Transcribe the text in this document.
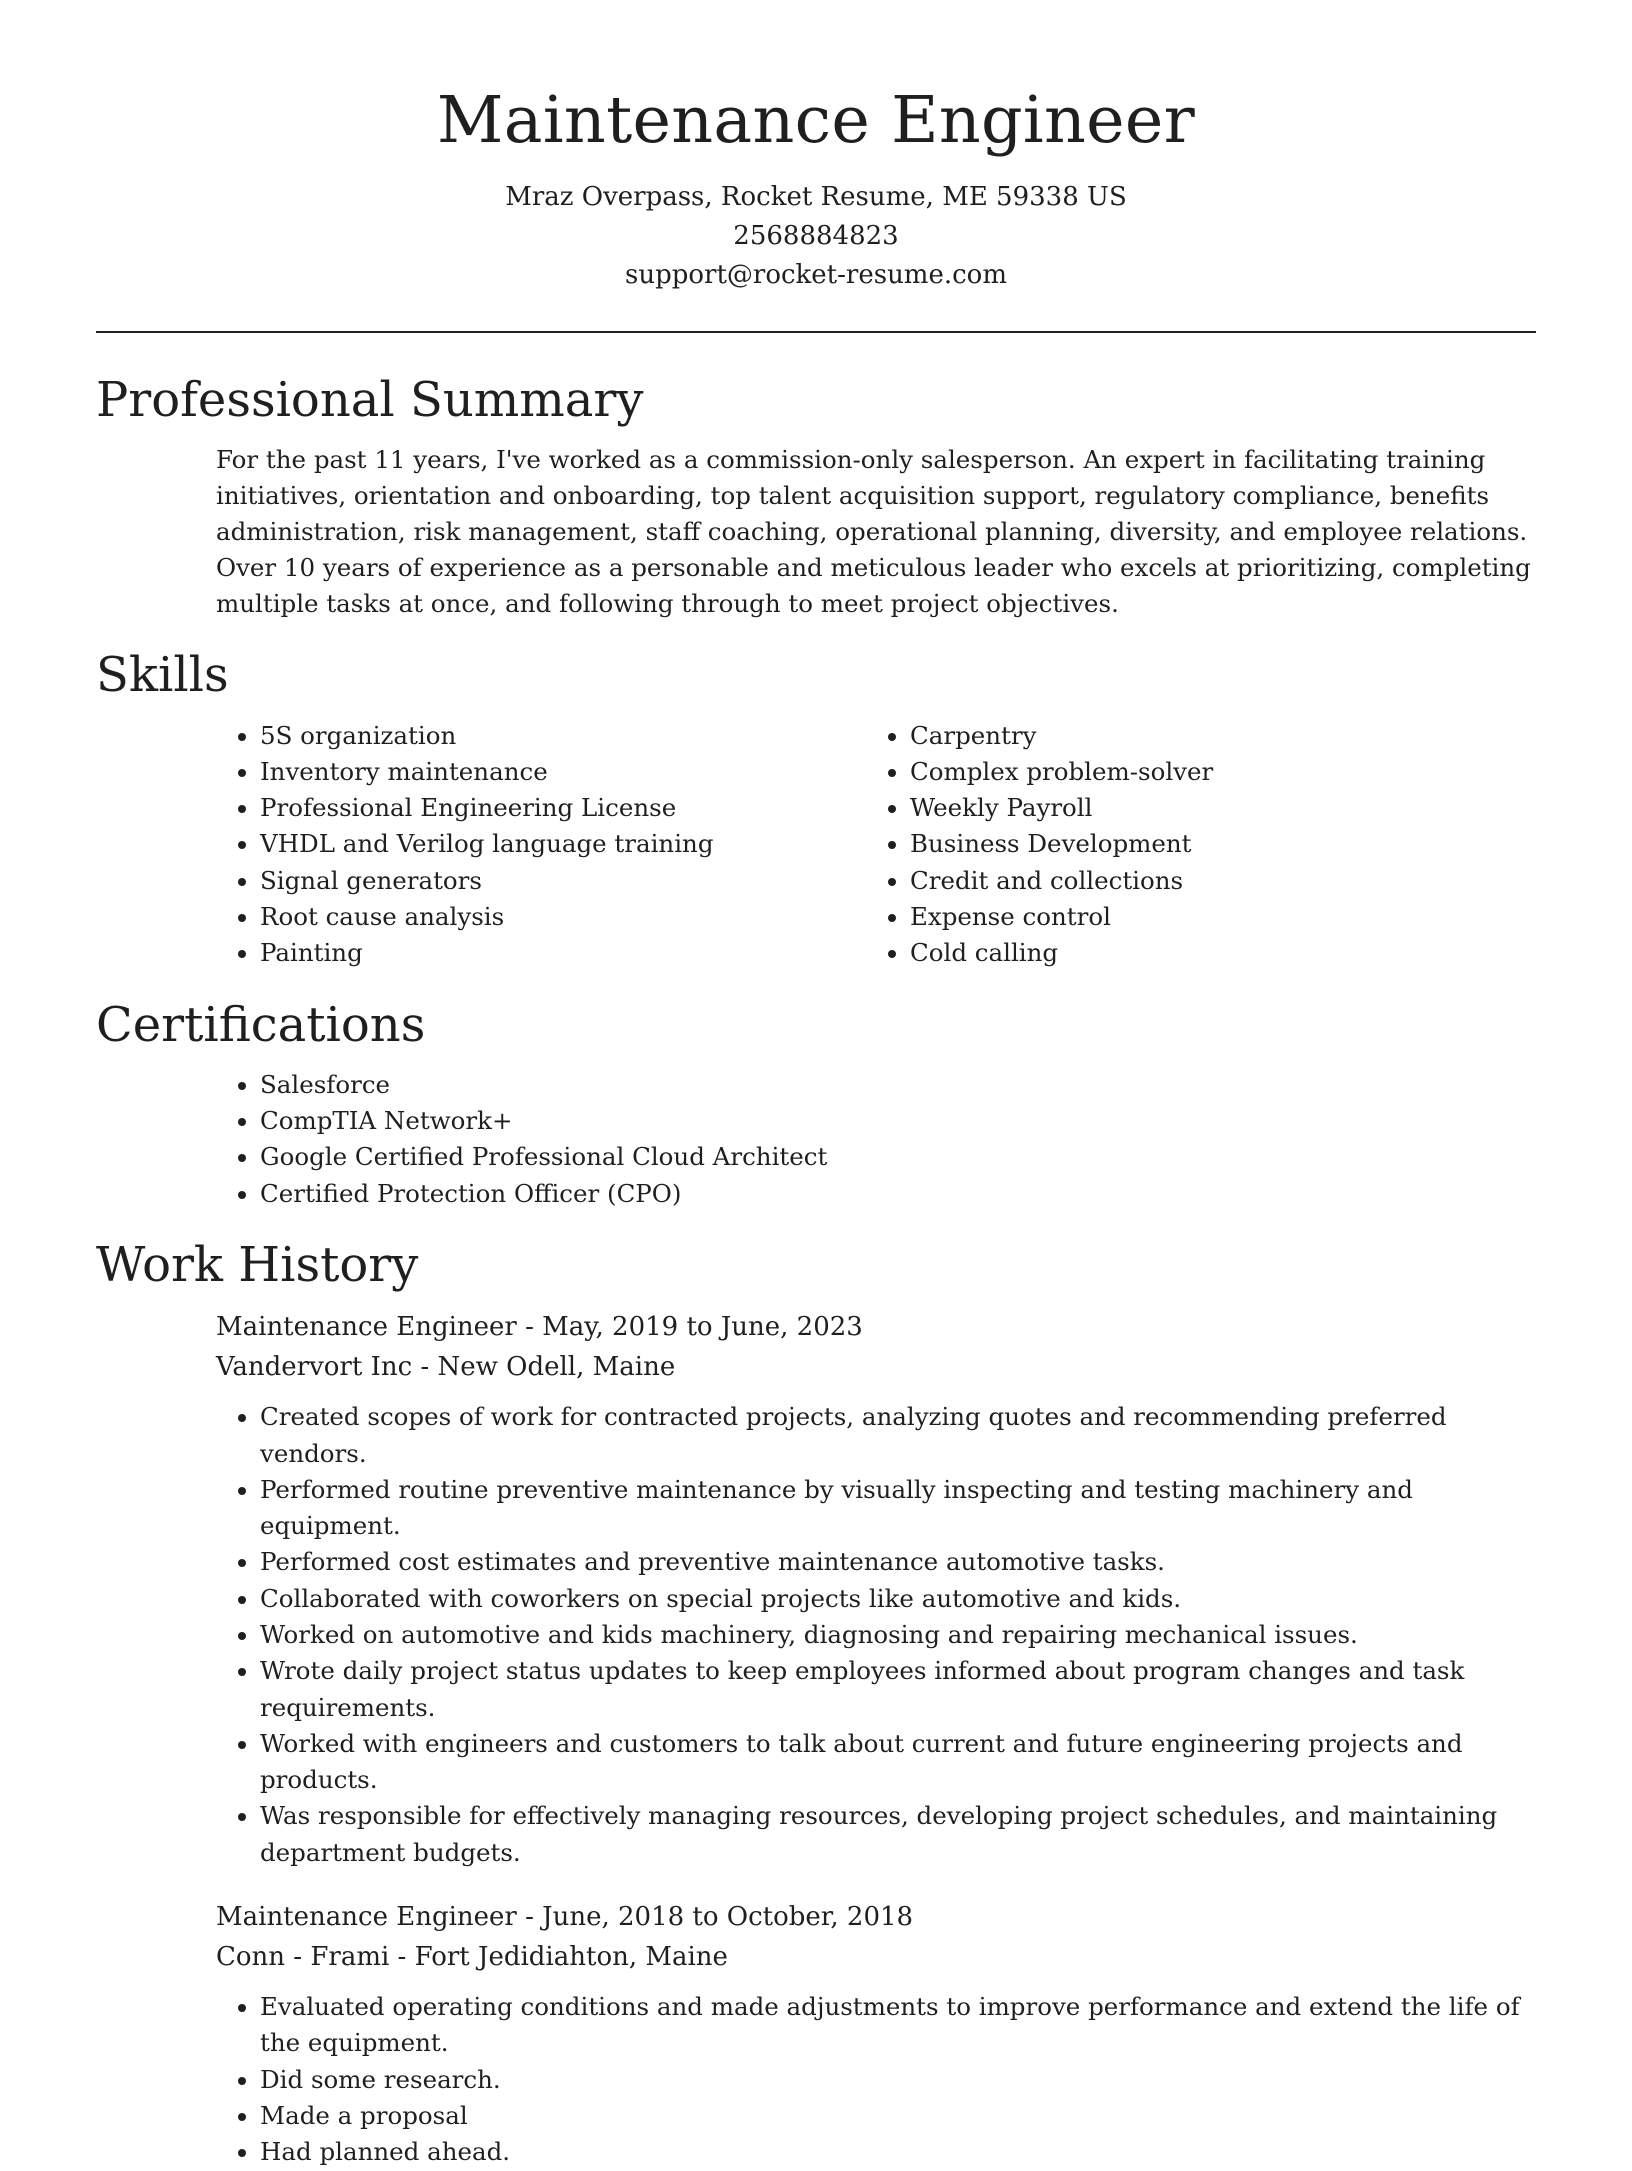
Maintenance Engineer
Mraz Overpass, Rocket Resume, ME 59338 US
2568884823
support@rocket-resume.com
Professional Summary
For the past 11 years, I've worked as a commission-only salesperson. An expert in facilitating training initiatives, orientation and onboarding, top talent acquisition support, regulatory compliance, benefits administration, risk management, staff coaching, operational planning, diversity, and employee relations. Over 10 years of experience as a personable and meticulous leader who excels at prioritizing, completing multiple tasks at once, and following through to meet project objectives.
Skills
• 5S organization
• Inventory maintenance
• Professional Engineering License
• VHDL and Verilog language training
• Signal generators
• Root cause analysis
• Painting
• Carpentry
• Complex problem-solver
• Weekly Payroll
• Business Development
• Credit and collections
• Expense control
• Cold calling
Certifications
• Salesforce
• CompTIA Network+
• Google Certified Professional Cloud Architect
• Certified Protection Officer (CPO)
Work History
Maintenance Engineer - May, 2019 to June, 2023
Vandervort Inc - New Odell, Maine
• Created scopes of work for contracted projects, analyzing quotes and recommending preferred vendors.
• Performed routine preventive maintenance by visually inspecting and testing machinery and equipment.
• Performed cost estimates and preventive maintenance automotive tasks.
• Collaborated with coworkers on special projects like automotive and kids.
• Worked on automotive and kids machinery, diagnosing and repairing mechanical issues.
• Wrote daily project status updates to keep employees informed about program changes and task requirements.
• Worked with engineers and customers to talk about current and future engineering projects and products.
• Was responsible for effectively managing resources, developing project schedules, and maintaining department budgets.
Maintenance Engineer - June, 2018 to October, 2018
Conn - Frami - Fort Jedidiahton, Maine
• Evaluated operating conditions and made adjustments to improve performance and extend the life of the equipment.
• Did some research.
• Made a proposal
• Had planned ahead.
